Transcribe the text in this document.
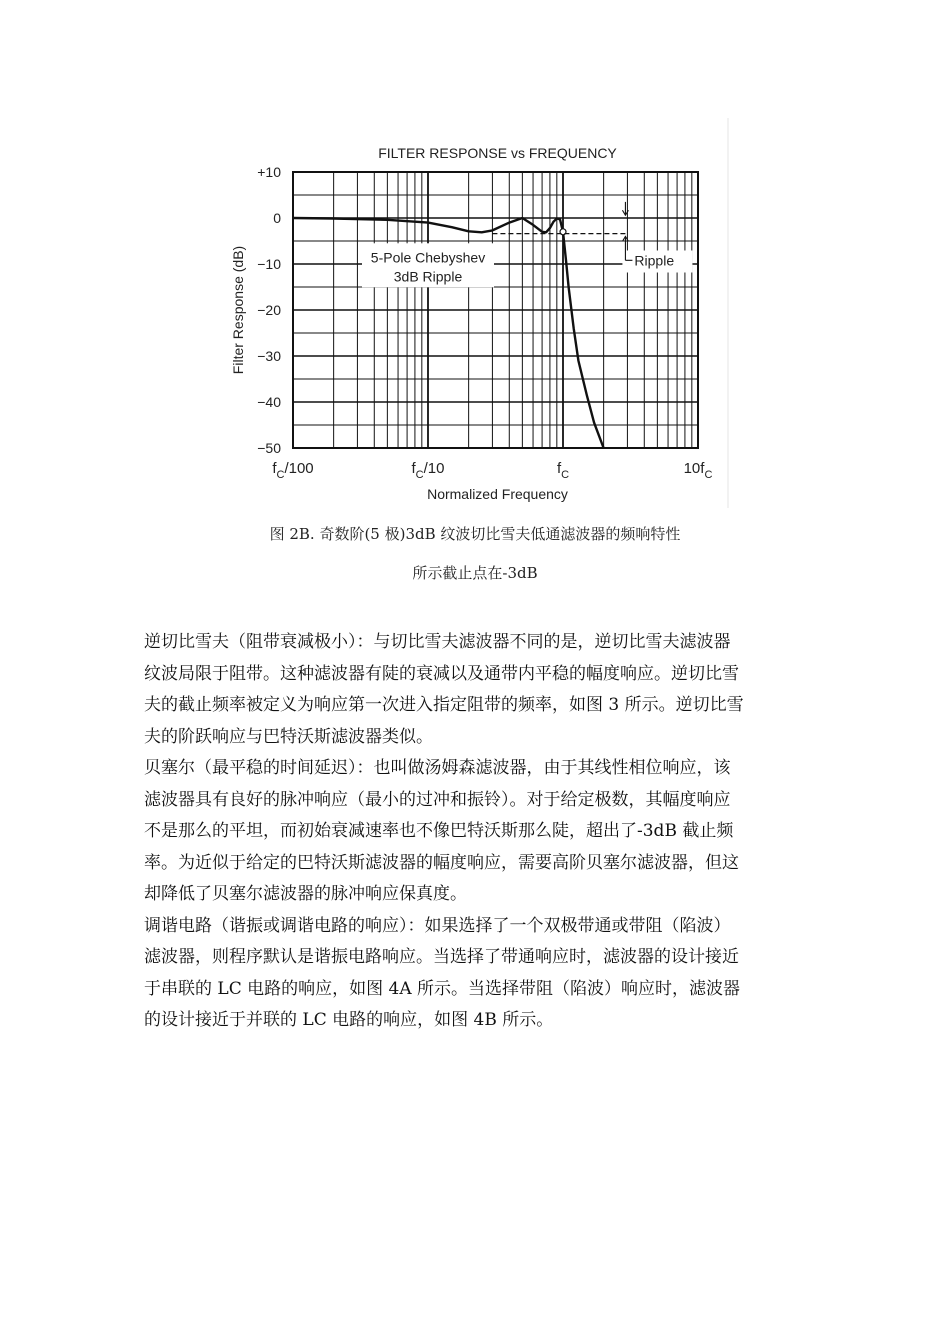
FILTER RESPONSE vs FREQUENCY
+10
0
−10
−20
−30
−40
−50
$f_C/100$	$f_C/10$	$f_C$	$10f_C$
Normalized Frequency
Filter Response (dB)	5-Pole Chebyshev
3dB Ripple
Ripple
图 2B. 奇数阶(5 极)3dB 纹波切比雪夫低通滤波器的频响特性
所示截止点在-3dB

逆切比雪夫（阻带衰减极小）：与切比雪夫滤波器不同的是，逆切比雪夫滤波器
纹波局限于阻带。这种滤波器有陡的衰减以及通带内平稳的幅度响应。逆切比雪
夫的截止频率被定义为响应第一次进入指定阻带的频率，如图 3 所示。逆切比雪
夫的阶跃响应与巴特沃斯滤波器类似。

贝塞尔（最平稳的时间延迟）：也叫做汤姆森滤波器，由于其线性相位响应，该
滤波器具有良好的脉冲响应（最小的过冲和振铃）。对于给定极数，其幅度响应
不是那么的平坦，而初始衰减速率也不像巴特沃斯那么陡，超出了-3dB 截止频
率。为近似于给定的巴特沃斯滤波器的幅度响应，需要高阶贝塞尔滤波器，但这
却降低了贝塞尔滤波器的脉冲响应保真度。

调谐电路（谐振或调谐电路的响应）：如果选择了一个双极带通或带阻（陷波）
滤波器，则程序默认是谐振电路响应。当选择了带通响应时，滤波器的设计接近
于串联的 LC 电路的响应，如图 4A 所示。当选择带阻（陷波）响应时，滤波器
的设计接近于并联的 LC 电路的响应，如图 4B 所示。
